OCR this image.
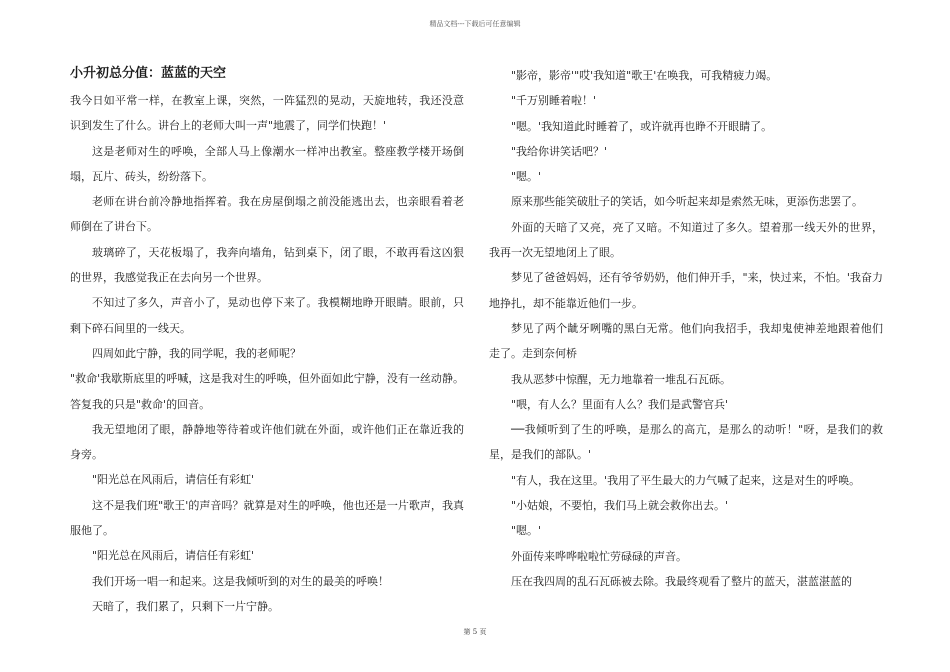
精品文档---下载后可任意编辑
小升初总分值：蓝蓝的天空

我今日如平常一样，在教室上课，突然，一阵猛烈的晃动，天旋地转，我还没意识到发生了什么。讲台上的老师大叫一声"地震了，同学们快跑！'

这是老师对生的呼唤，全部人马上像潮水一样冲出教室。整座教学楼开场倒塌，瓦片、砖头，纷纷落下。

老师在讲台前冷静地指挥着。我在房屋倒塌之前没能逃出去，也亲眼看着老师倒在了讲台下。

玻璃碎了，天花板塌了，我奔向墙角，钻到桌下，闭了眼，不敢再看这凶狠的世界，我感觉我正在去向另一个世界。

不知过了多久，声音小了，晃动也停下来了。我模糊地睁开眼睛。眼前，只剩下碎石间里的一线天。

四周如此宁静，我的同学呢，我的老师呢？

"救命'我歇斯底里的呼喊，这是我对生的呼唤，但外面如此宁静，没有一丝动静。答复我的只是"救命'的回音。

我无望地闭了眼，静静地等待着或许他们就在外面，或许他们正在靠近我的身旁。

"阳光总在风雨后，请信任有彩虹'

这不是我们班"歌王'的声音吗？就算是对生的呼唤，他也还是一片歌声，我真服他了。

"阳光总在风雨后，请信任有彩虹'

我们开场一唱一和起来。这是我倾听到的对生的最美的呼唤！

天暗了，我们累了，只剩下一片宁静。

"影帝，影帝'"哎'我知道"歌王'在唤我，可我精疲力竭。

"千万别睡着啦！'

"嗯。'我知道此时睡着了，或许就再也睁不开眼睛了。

"我给你讲笑话吧？'

"嗯。'

原来那些能笑破肚子的笑话，如今听起来却是索然无味，更添伤悲罢了。

外面的天暗了又亮，亮了又暗。不知道过了多久。望着那一线天外的世界，我再一次无望地闭上了眼。

梦见了爸爸妈妈，还有爷爷奶奶，他们伸开手，"来，快过来，不怕。'我奋力地挣扎，却不能靠近他们一步。

梦见了两个龇牙咧嘴的黑白无常。他们向我招手，我却鬼使神差地跟着他们走了。走到奈何桥

我从恶梦中惊醒，无力地靠着一堆乱石瓦砾。

"喂，有人么？里面有人么？我们是武警官兵'

──我倾听到了生的呼唤，是那么的高亢，是那么的动听！"呀，是我们的救星，是我们的部队。'

"有人，我在这里。'我用了平生最大的力气喊了起来，这是对生的呼唤。

"小姑娘，不要怕，我们马上就会救你出去。'

"嗯。'

外面传来哗哗啦啦忙劳碌碌的声音。

压在我四周的乱石瓦砾被去除。我最终观看了整片的蓝天，湛蓝湛蓝的

第 5 页
